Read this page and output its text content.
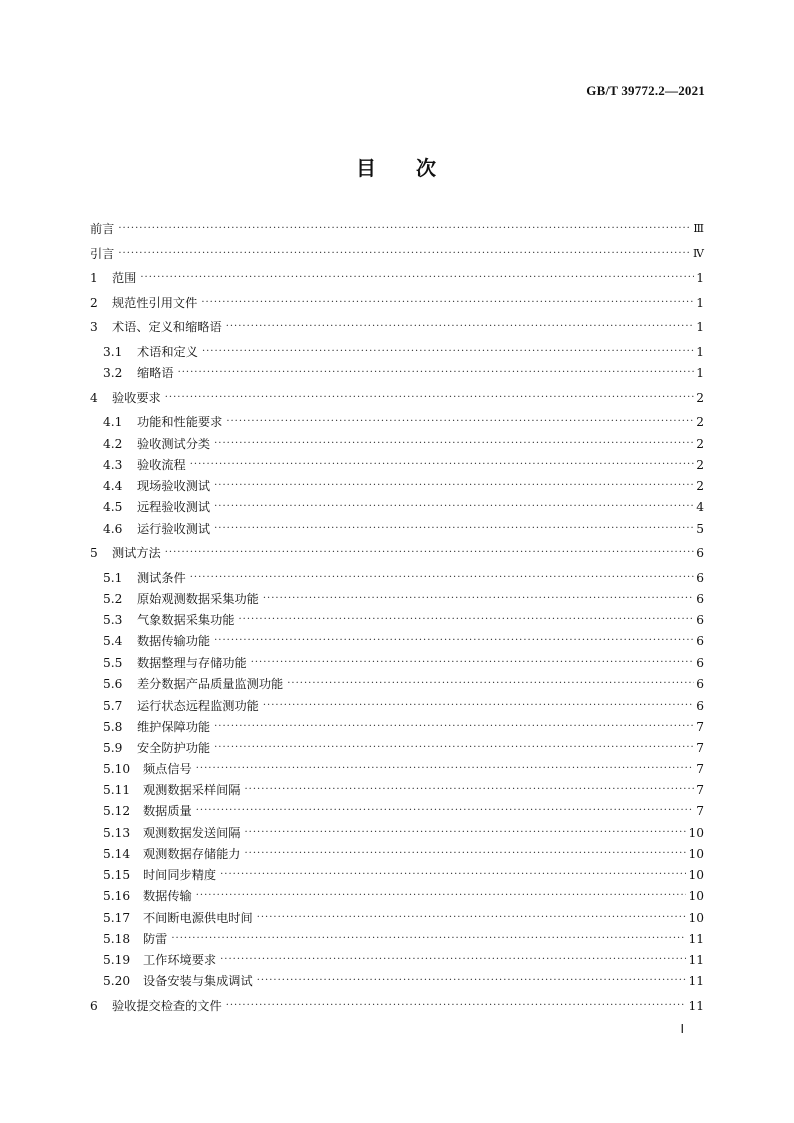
GB/T 39772.2—2021
目 次
前言 ·····	Ⅲ
引言 ·····	Ⅳ
1	范围 ·····	1
2	规范性引用文件 ·····	1
3	术语、定义和缩略语 ·····	1
3.1	术语和定义 ·····	1
3.2	缩略语 ·····	1
4	验收要求 ·····	2
4.1	功能和性能要求 ·····	2
4.2	验收测试分类 ·····	2
4.3	验收流程 ·····	2
4.4	现场验收测试 ·····	2
4.5	远程验收测试 ·····	4
4.6	运行验收测试 ·····	5
5	测试方法 ·····	6
5.1	测试条件 ·····	6
5.2	原始观测数据采集功能 ·····	6
5.3	气象数据采集功能 ·····	6
5.4	数据传输功能 ·····	6
5.5	数据整理与存储功能 ·····	6
5.6	差分数据产品质量监测功能 ·····	6
5.7	运行状态远程监测功能 ·····	6
5.8	维护保障功能 ·····	7
5.9	安全防护功能 ·····	7
5.10	频点信号 ·····	7
5.11	观测数据采样间隔 ·····	7
5.12	数据质量 ·····	7
5.13	观测数据发送间隔 ·····	10
5.14	观测数据存储能力 ·····	10
5.15	时间同步精度 ·····	10
5.16	数据传输 ·····	10
5.17	不间断电源供电时间 ·····	10
5.18	防雷 ·····	11
5.19	工作环境要求 ·····	11
5.20	设备安装与集成调试 ·····	11
6	验收提交检查的文件 ·····	11
Ⅰ
